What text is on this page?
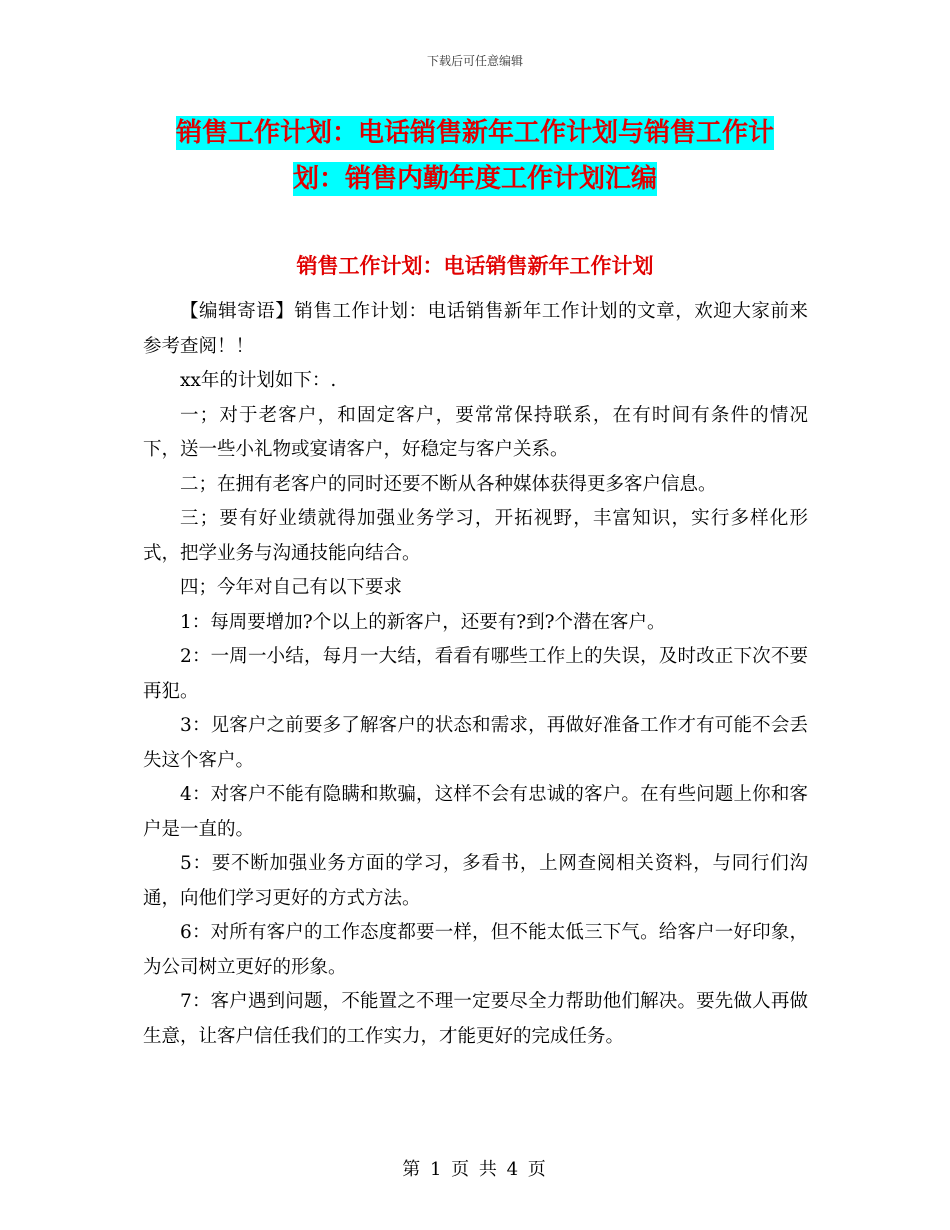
下载后可任意编辑
销售工作计划：电话销售新年工作计划与销售工作计
划：销售内勤年度工作计划汇编
销售工作计划：电话销售新年工作计划

【编辑寄语】销售工作计划：电话销售新年工作计划的文章，欢迎大家前来参考查阅！！

xx年的计划如下：.

一；对于老客户，和固定客户，要常常保持联系，在有时间有条件的情况下，送一些小礼物或宴请客户，好稳定与客户关系。

二；在拥有老客户的同时还要不断从各种媒体获得更多客户信息。

三；要有好业绩就得加强业务学习，开拓视野，丰富知识，实行多样化形式，把学业务与沟通技能向结合。

四；今年对自己有以下要求

1：每周要增加?个以上的新客户，还要有?到?个潜在客户。

2：一周一小结，每月一大结，看看有哪些工作上的失误，及时改正下次不要再犯。

3：见客户之前要多了解客户的状态和需求，再做好准备工作才有可能不会丢失这个客户。

4：对客户不能有隐瞒和欺骗，这样不会有忠诚的客户。在有些问题上你和客户是一直的。

5：要不断加强业务方面的学习，多看书，上网查阅相关资料，与同行们沟通，向他们学习更好的方式方法。

6：对所有客户的工作态度都要一样，但不能太低三下气。给客户一好印象，为公司树立更好的形象。

7：客户遇到问题，不能置之不理一定要尽全力帮助他们解决。要先做人再做生意，让客户信任我们的工作实力，才能更好的完成任务。

第 1 页 共 4 页
